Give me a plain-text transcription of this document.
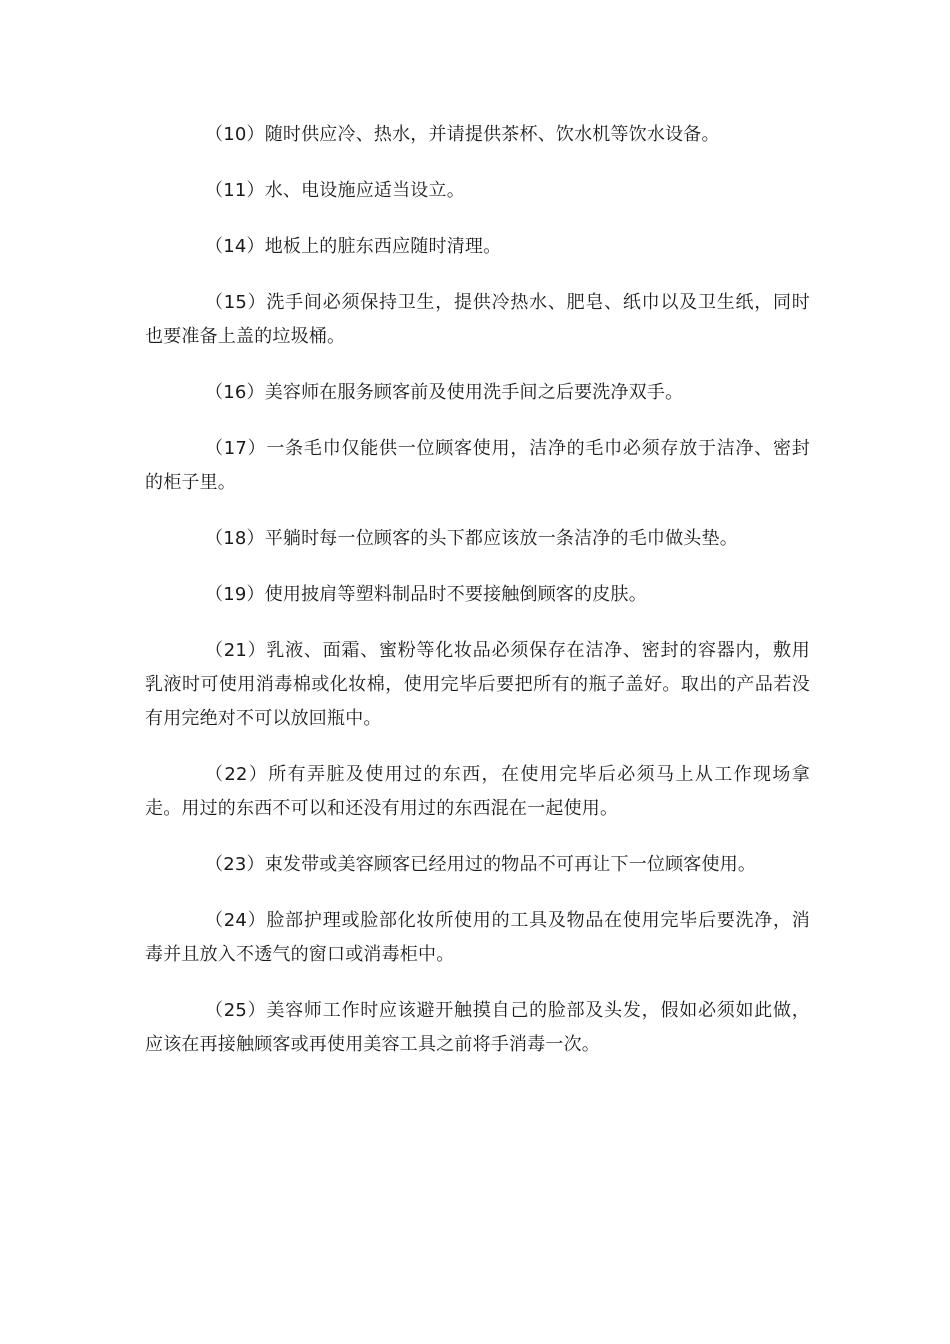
（10）随时供应冷、热水，并请提供茶杯、饮水机等饮水设备。

（11）水、电设施应适当设立。

（14）地板上的脏东西应随时清理。

（15）洗手间必须保持卫生，提供冷热水、肥皂、纸巾以及卫生纸，同时也要准备上盖的垃圾桶。

（16）美容师在服务顾客前及使用洗手间之后要洗净双手。

（17）一条毛巾仅能供一位顾客使用，洁净的毛巾必须存放于洁净、密封的柜子里。

（18）平躺时每一位顾客的头下都应该放一条洁净的毛巾做头垫。

（19）使用披肩等塑料制品时不要接触倒顾客的皮肤。

（21）乳液、面霜、蜜粉等化妆品必须保存在洁净、密封的容器内，敷用乳液时可使用消毒棉或化妆棉，使用完毕后要把所有的瓶子盖好。取出的产品若没有用完绝对不可以放回瓶中。

（22）所有弄脏及使用过的东西，在使用完毕后必须马上从工作现场拿走。用过的东西不可以和还没有用过的东西混在一起使用。

（23）束发带或美容顾客已经用过的物品不可再让下一位顾客使用。

（24）脸部护理或脸部化妆所使用的工具及物品在使用完毕后要洗净，消毒并且放入不透气的窗口或消毒柜中。

（25）美容师工作时应该避开触摸自己的脸部及头发，假如必须如此做，应该在再接触顾客或再使用美容工具之前将手消毒一次。
